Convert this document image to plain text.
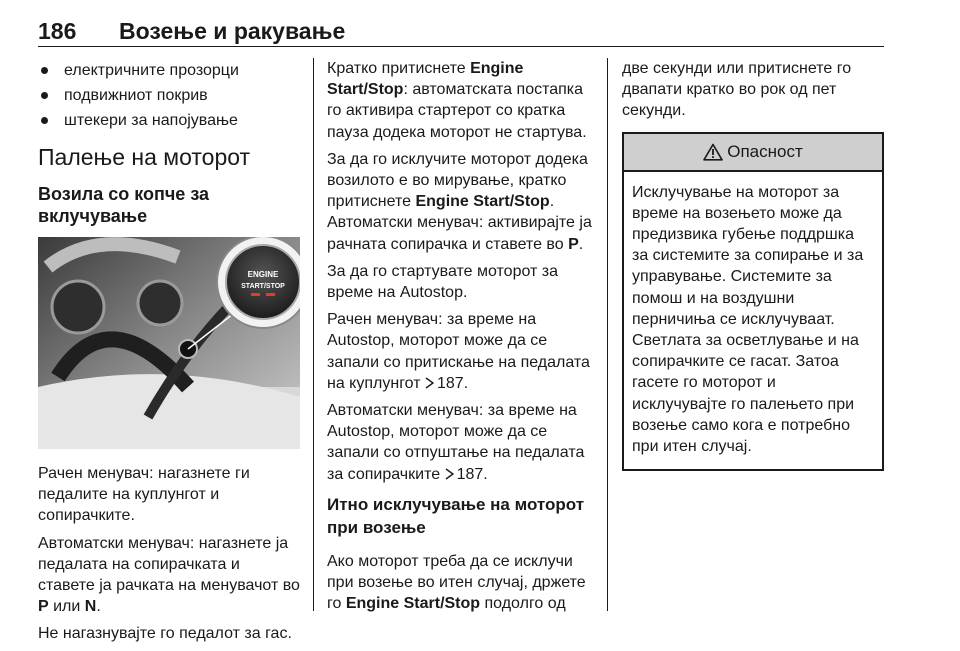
186 Возење и ракување
електричните прозорци
подвижниот покрив
штекери за напојување
Палење на моторот
Возила со копче за вклучување
ENGINE
START/STOP

Рачен менувач: нагазнете ги педалите на куплунгот и сопирачките.

Автоматски менувач: нагазнете ја педалата на сопирачката и ставете ја рачката на менувачот во P или N.

Не нагазнувајте го педалот за гас.

Кратко притиснете Engine Start/Stop: автоматската постапка го активира стартерот со кратка пауза додека моторот не стартува.

За да го исклучите моторот додека возилото е во мирување, кратко притиснете Engine Start/Stop. Автоматски менувач: активирајте ја рачната сопирачка и ставете во P.

За да го стартувате моторот за време на Autostop.

Рачен менувач: за време на Autostop, моторот може да се запали со притискање на педалата на куплунгот 187.

Автоматски менувач: за време на Autostop, моторот може да се запали со отпуштање на педалата за сопирачките 187.

Итно исклучување на моторот при возење

Ако моторот треба да се исклучи при возење во итен случај, држете го Engine Start/Stop подолго од

две секунди или притиснете го двапати кратко во рок од пет секунди.

Опасност
Исклучување на моторот за време на возењето може да предизвика губење поддршка за системите за сопирање и за управување. Системите за помош и на воздушни перничиња се исклучуваат. Светлата за осветлување и на сопирачките се гасат. Затоа гасете го моторот и исклучувајте го палењето при возење само кога е потребно при итен случај.
